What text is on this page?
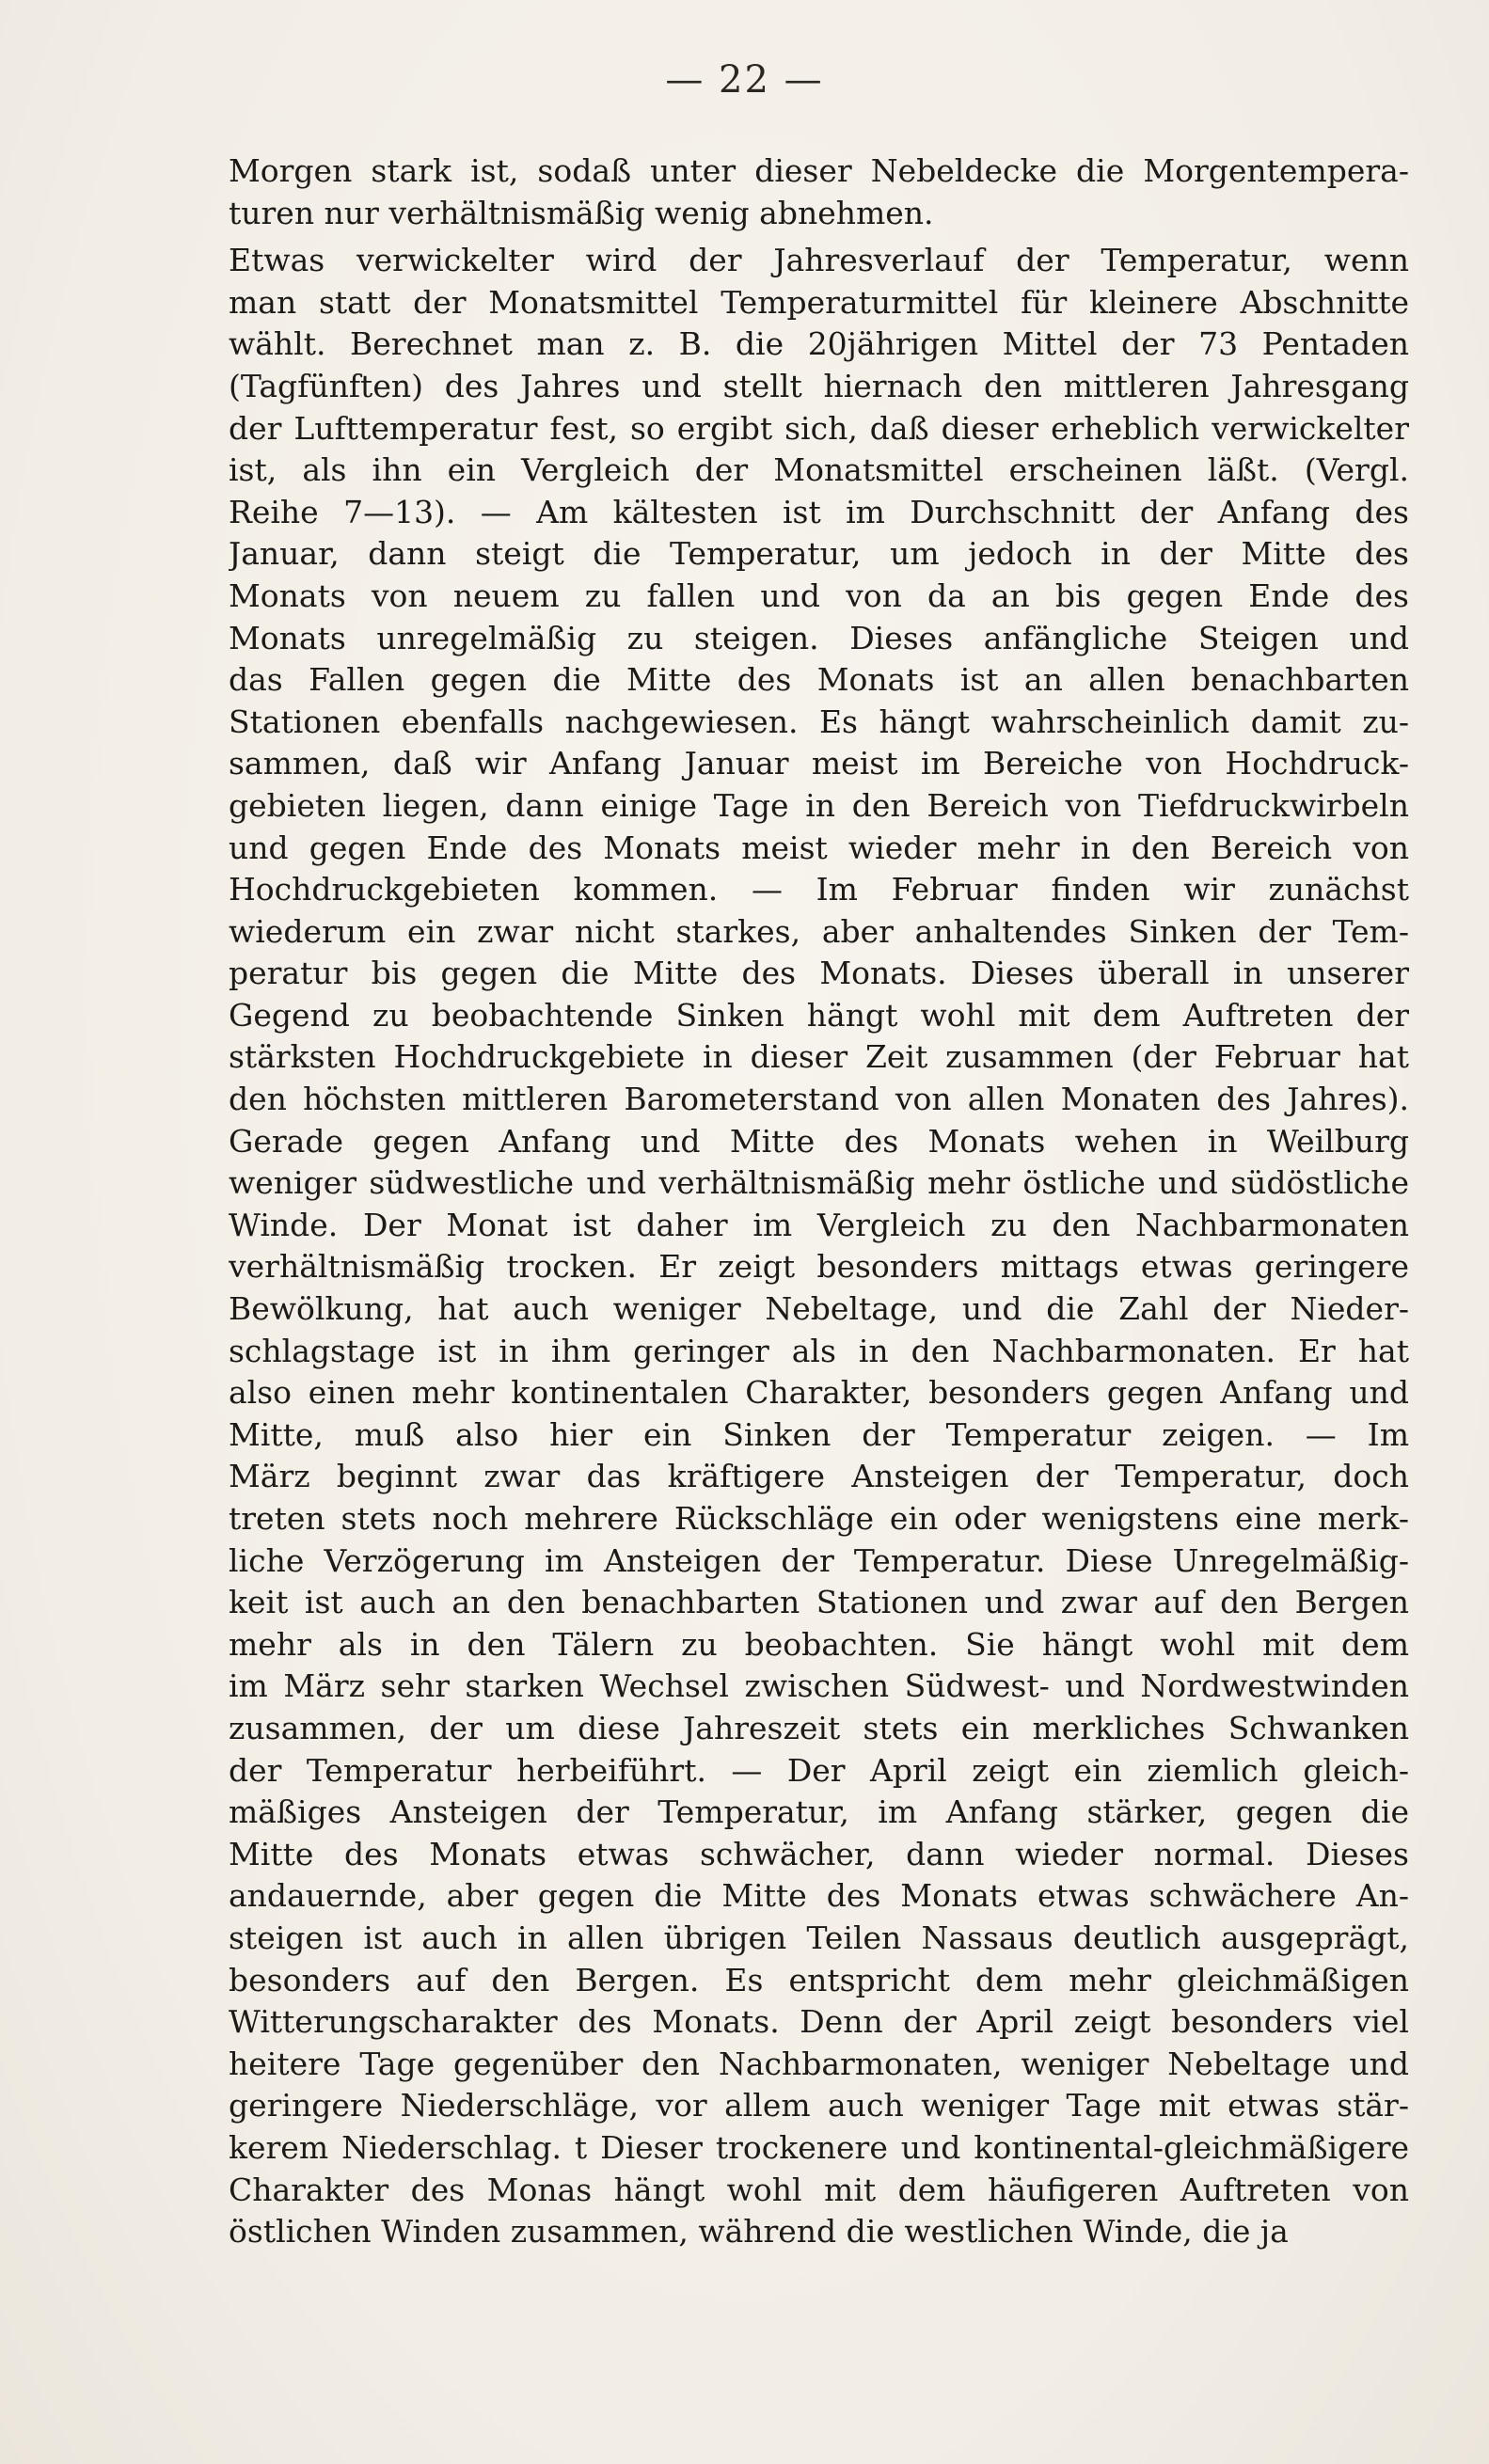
— 22 —
Morgen stark ist, sodaß unter dieser Nebeldecke die Morgentempera-
turen nur verhältnismäßig wenig abnehmen.
Etwas verwickelter wird der Jahresverlauf der Temperatur, wenn
man statt der Monatsmittel Temperaturmittel für kleinere Abschnitte
wählt. Berechnet man z. B. die 20jährigen Mittel der 73 Pentaden
(Tagfünften) des Jahres und stellt hiernach den mittleren Jahresgang
der Lufttemperatur fest, so ergibt sich, daß dieser erheblich verwickelter
ist, als ihn ein Vergleich der Monatsmittel erscheinen läßt. (Vergl.
Reihe 7—13). — Am kältesten ist im Durchschnitt der Anfang des
Januar, dann steigt die Temperatur, um jedoch in der Mitte des
Monats von neuem zu fallen und von da an bis gegen Ende des
Monats unregelmäßig zu steigen. Dieses anfängliche Steigen und
das Fallen gegen die Mitte des Monats ist an allen benachbarten
Stationen ebenfalls nachgewiesen. Es hängt wahrscheinlich damit zu-
sammen, daß wir Anfang Januar meist im Bereiche von Hochdruck-
gebieten liegen, dann einige Tage in den Bereich von Tiefdruckwirbeln
und gegen Ende des Monats meist wieder mehr in den Bereich von
Hochdruckgebieten kommen. — Im Februar finden wir zunächst
wiederum ein zwar nicht starkes, aber anhaltendes Sinken der Tem-
peratur bis gegen die Mitte des Monats. Dieses überall in unserer
Gegend zu beobachtende Sinken hängt wohl mit dem Auftreten der
stärksten Hochdruckgebiete in dieser Zeit zusammen (der Februar hat
den höchsten mittleren Barometerstand von allen Monaten des Jahres).
Gerade gegen Anfang und Mitte des Monats wehen in Weilburg
weniger südwestliche und verhältnismäßig mehr östliche und südöstliche
Winde. Der Monat ist daher im Vergleich zu den Nachbarmonaten
verhältnismäßig trocken. Er zeigt besonders mittags etwas geringere
Bewölkung, hat auch weniger Nebeltage, und die Zahl der Nieder-
schlagstage ist in ihm geringer als in den Nachbarmonaten. Er hat
also einen mehr kontinentalen Charakter, besonders gegen Anfang und
Mitte, muß also hier ein Sinken der Temperatur zeigen. — Im
März beginnt zwar das kräftigere Ansteigen der Temperatur, doch
treten stets noch mehrere Rückschläge ein oder wenigstens eine merk-
liche Verzögerung im Ansteigen der Temperatur. Diese Unregelmäßig-
keit ist auch an den benachbarten Stationen und zwar auf den Bergen
mehr als in den Tälern zu beobachten. Sie hängt wohl mit dem
im März sehr starken Wechsel zwischen Südwest- und Nordwestwinden
zusammen, der um diese Jahreszeit stets ein merkliches Schwanken
der Temperatur herbeiführt. — Der April zeigt ein ziemlich gleich-
mäßiges Ansteigen der Temperatur, im Anfang stärker, gegen die
Mitte des Monats etwas schwächer, dann wieder normal. Dieses
andauernde, aber gegen die Mitte des Monats etwas schwächere An-
steigen ist auch in allen übrigen Teilen Nassaus deutlich ausgeprägt,
besonders auf den Bergen. Es entspricht dem mehr gleichmäßigen
Witterungscharakter des Monats. Denn der April zeigt besonders viel
heitere Tage gegenüber den Nachbarmonaten, weniger Nebeltage und
geringere Niederschläge, vor allem auch weniger Tage mit etwas stär-
kerem Niederschlag. t Dieser trockenere und kontinental-gleichmäßigere
Charakter des Monas hängt wohl mit dem häufigeren Auftreten von
östlichen Winden zusammen, während die westlichen Winde, die ja
